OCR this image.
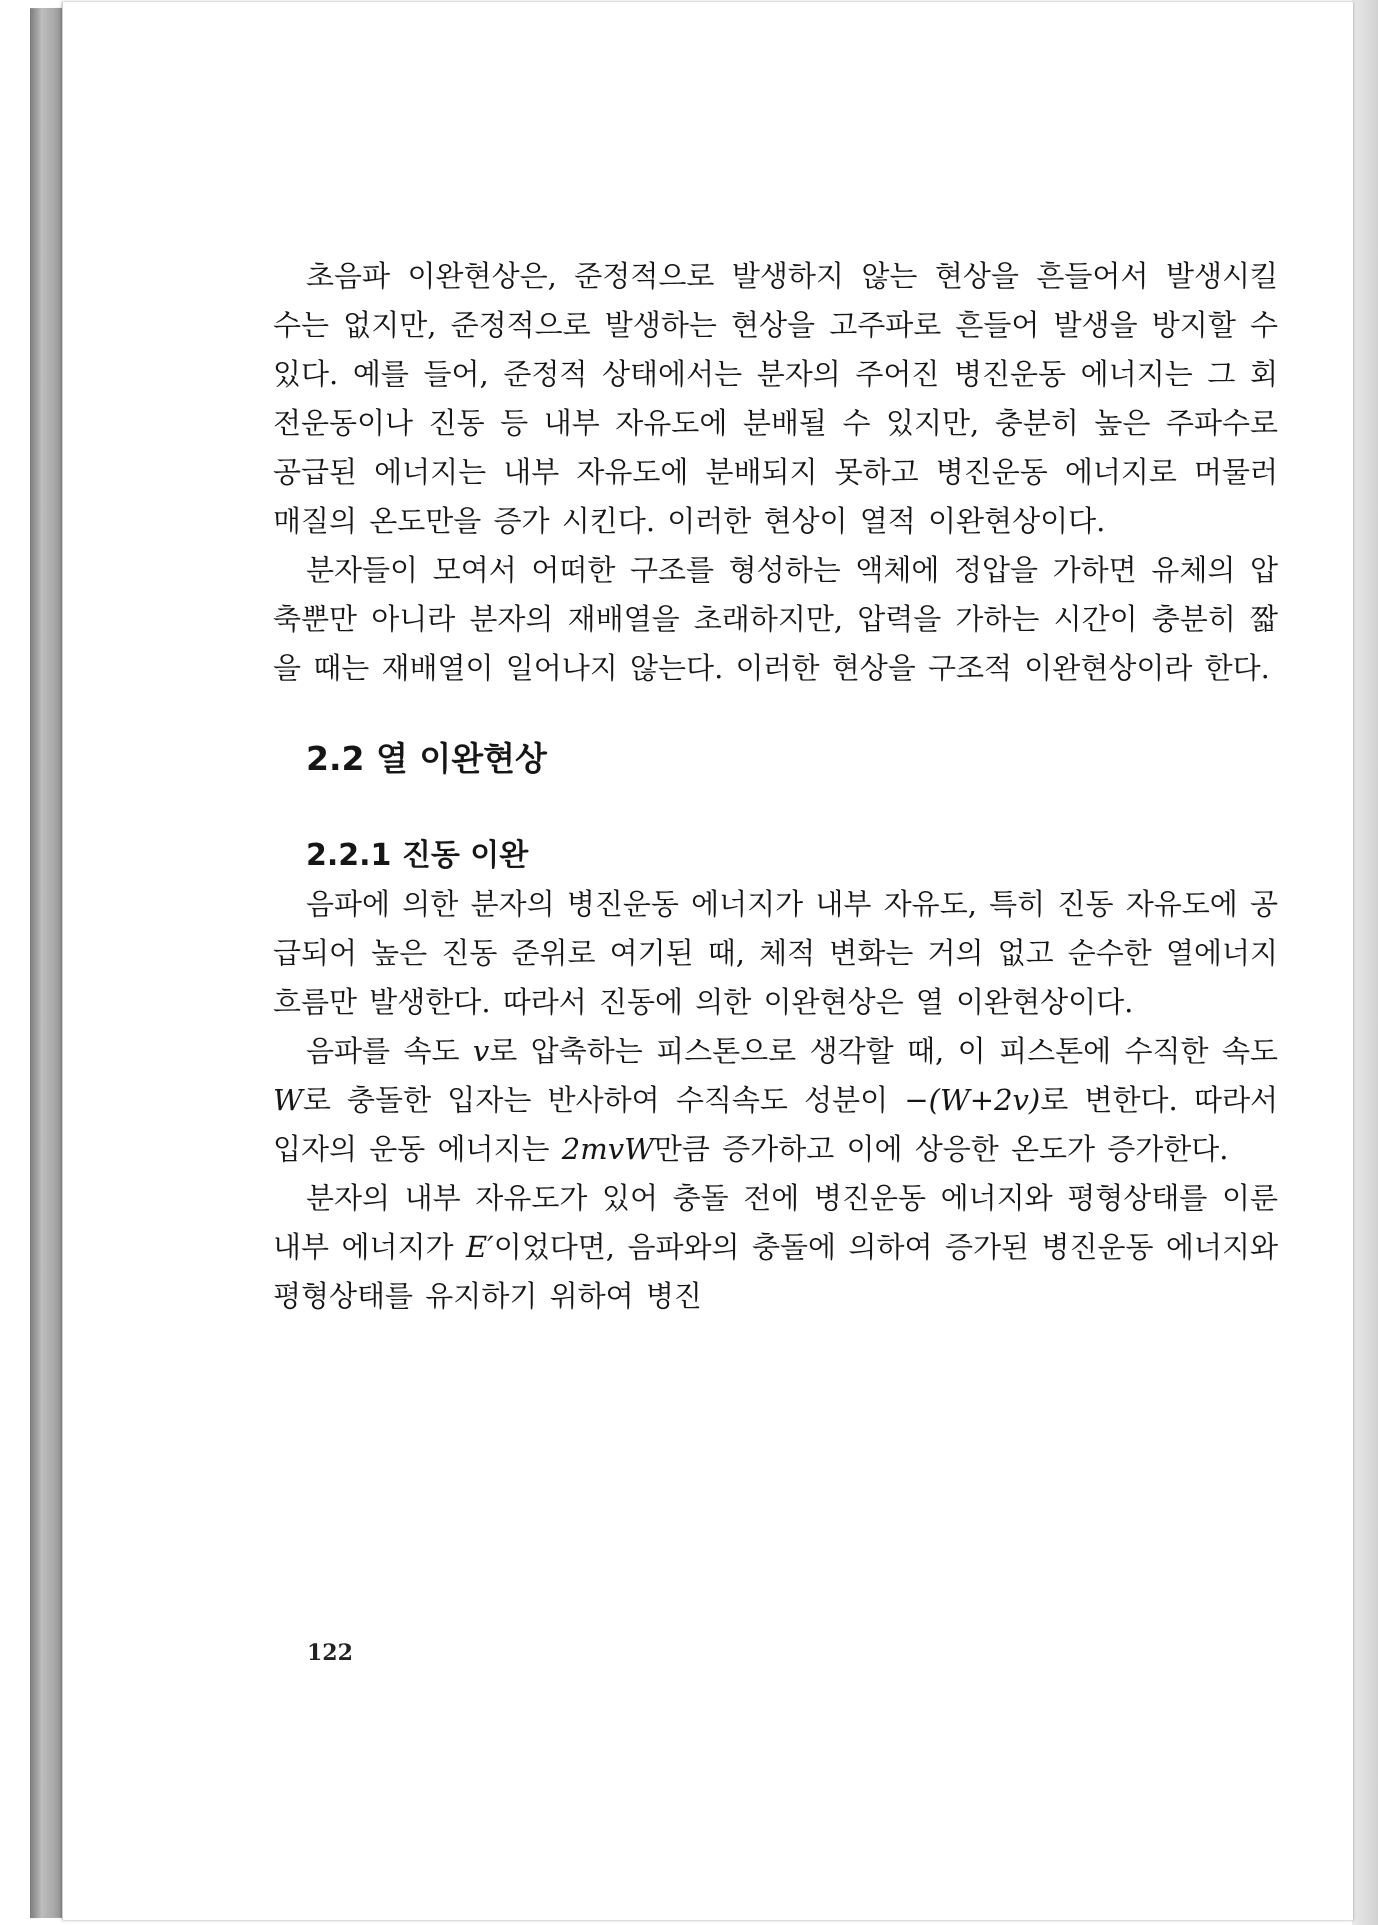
초음파 이완현상은, 준정적으로 발생하지 않는 현상을 흔들어서 발생시킬 수는 없지만, 준정적으로 발생하는 현상을 고주파로 흔들어 발생을 방지할 수 있다. 예를 들어, 준정적 상태에서는 분자의 주어진 병진운동 에너지는 그 회전운동이나 진동 등 내부 자유도에 분배될 수 있지만, 충분히 높은 주파수로 공급된 에너지는 내부 자유도에 분배되지 못하고 병진운동 에너지로 머물러 매질의 온도만을 증가 시킨다. 이러한 현상이 열적 이완현상이다.

분자들이 모여서 어떠한 구조를 형성하는 액체에 정압을 가하면 유체의 압축뿐만 아니라 분자의 재배열을 초래하지만, 압력을 가하는 시간이 충분히 짧을 때는 재배열이 일어나지 않는다. 이러한 현상을 구조적 이완현상이라 한다.

2.2 열 이완현상
2.2.1 진동 이완

음파에 의한 분자의 병진운동 에너지가 내부 자유도, 특히 진동 자유도에 공급되어 높은 진동 준위로 여기된 때, 체적 변화는 거의 없고 순수한 열에너지 흐름만 발생한다. 따라서 진동에 의한 이완현상은 열 이완현상이다.

음파를 속도 v로 압축하는 피스톤으로 생각할 때, 이 피스톤에 수직한 속도 W로 충돌한 입자는 반사하여 수직속도 성분이 −(W+2v)로 변한다. 따라서 입자의 운동 에너지는 2mvW만큼 증가하고 이에 상응한 온도가 증가한다.

분자의 내부 자유도가 있어 충돌 전에 병진운동 에너지와 평형상태를 이룬 내부 에너지가 E′이었다면, 음파와의 충돌에 의하여 증가된 병진운동 에너지와 평형상태를 유지하기 위하여 병진

122
